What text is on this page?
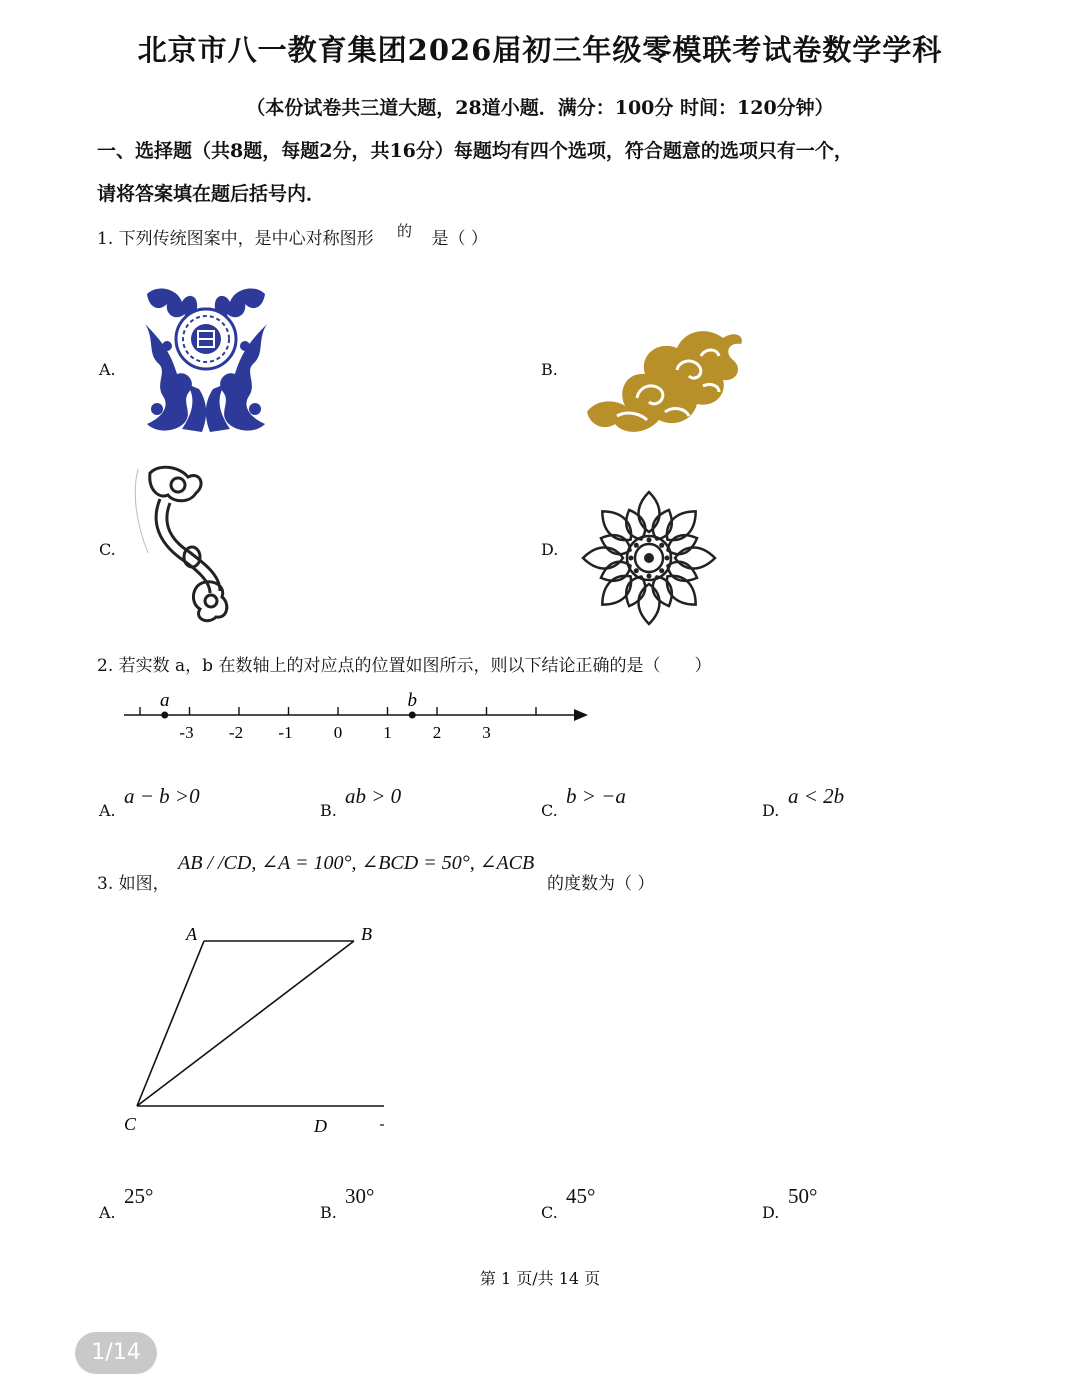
北京市八一教育集团2026届初三年级零模联考试卷数学学科
（本份试卷共三道大题，28道小题．满分：100分 时间：120分钟）
一、选择题（共8题，每题2分，共16分）每题均有四个选项，符合题意的选项只有一个，
请将答案填在题后括号内．
1. 下列传统图案中，是中心对称图形 的 是（ ）
A.	B.
C.	D.
2. 若实数 a，b 在数轴上的对应点的位置如图所示，则以下结论正确的是（　　）
-3 -2 -1 0 1 2 3
a	b
A.
a − b >0
B.
ab > 0
C.
b > −a
D.
a < 2b
3. 如图，
AB / /CD, ∠A = 100°, ∠BCD = 50°, ∠ACB
的度数为（ ）
A	B
C	D
A.
25°
B.
30°
C.
45°
D.
50°
第 1 页/共 14 页
1/14
